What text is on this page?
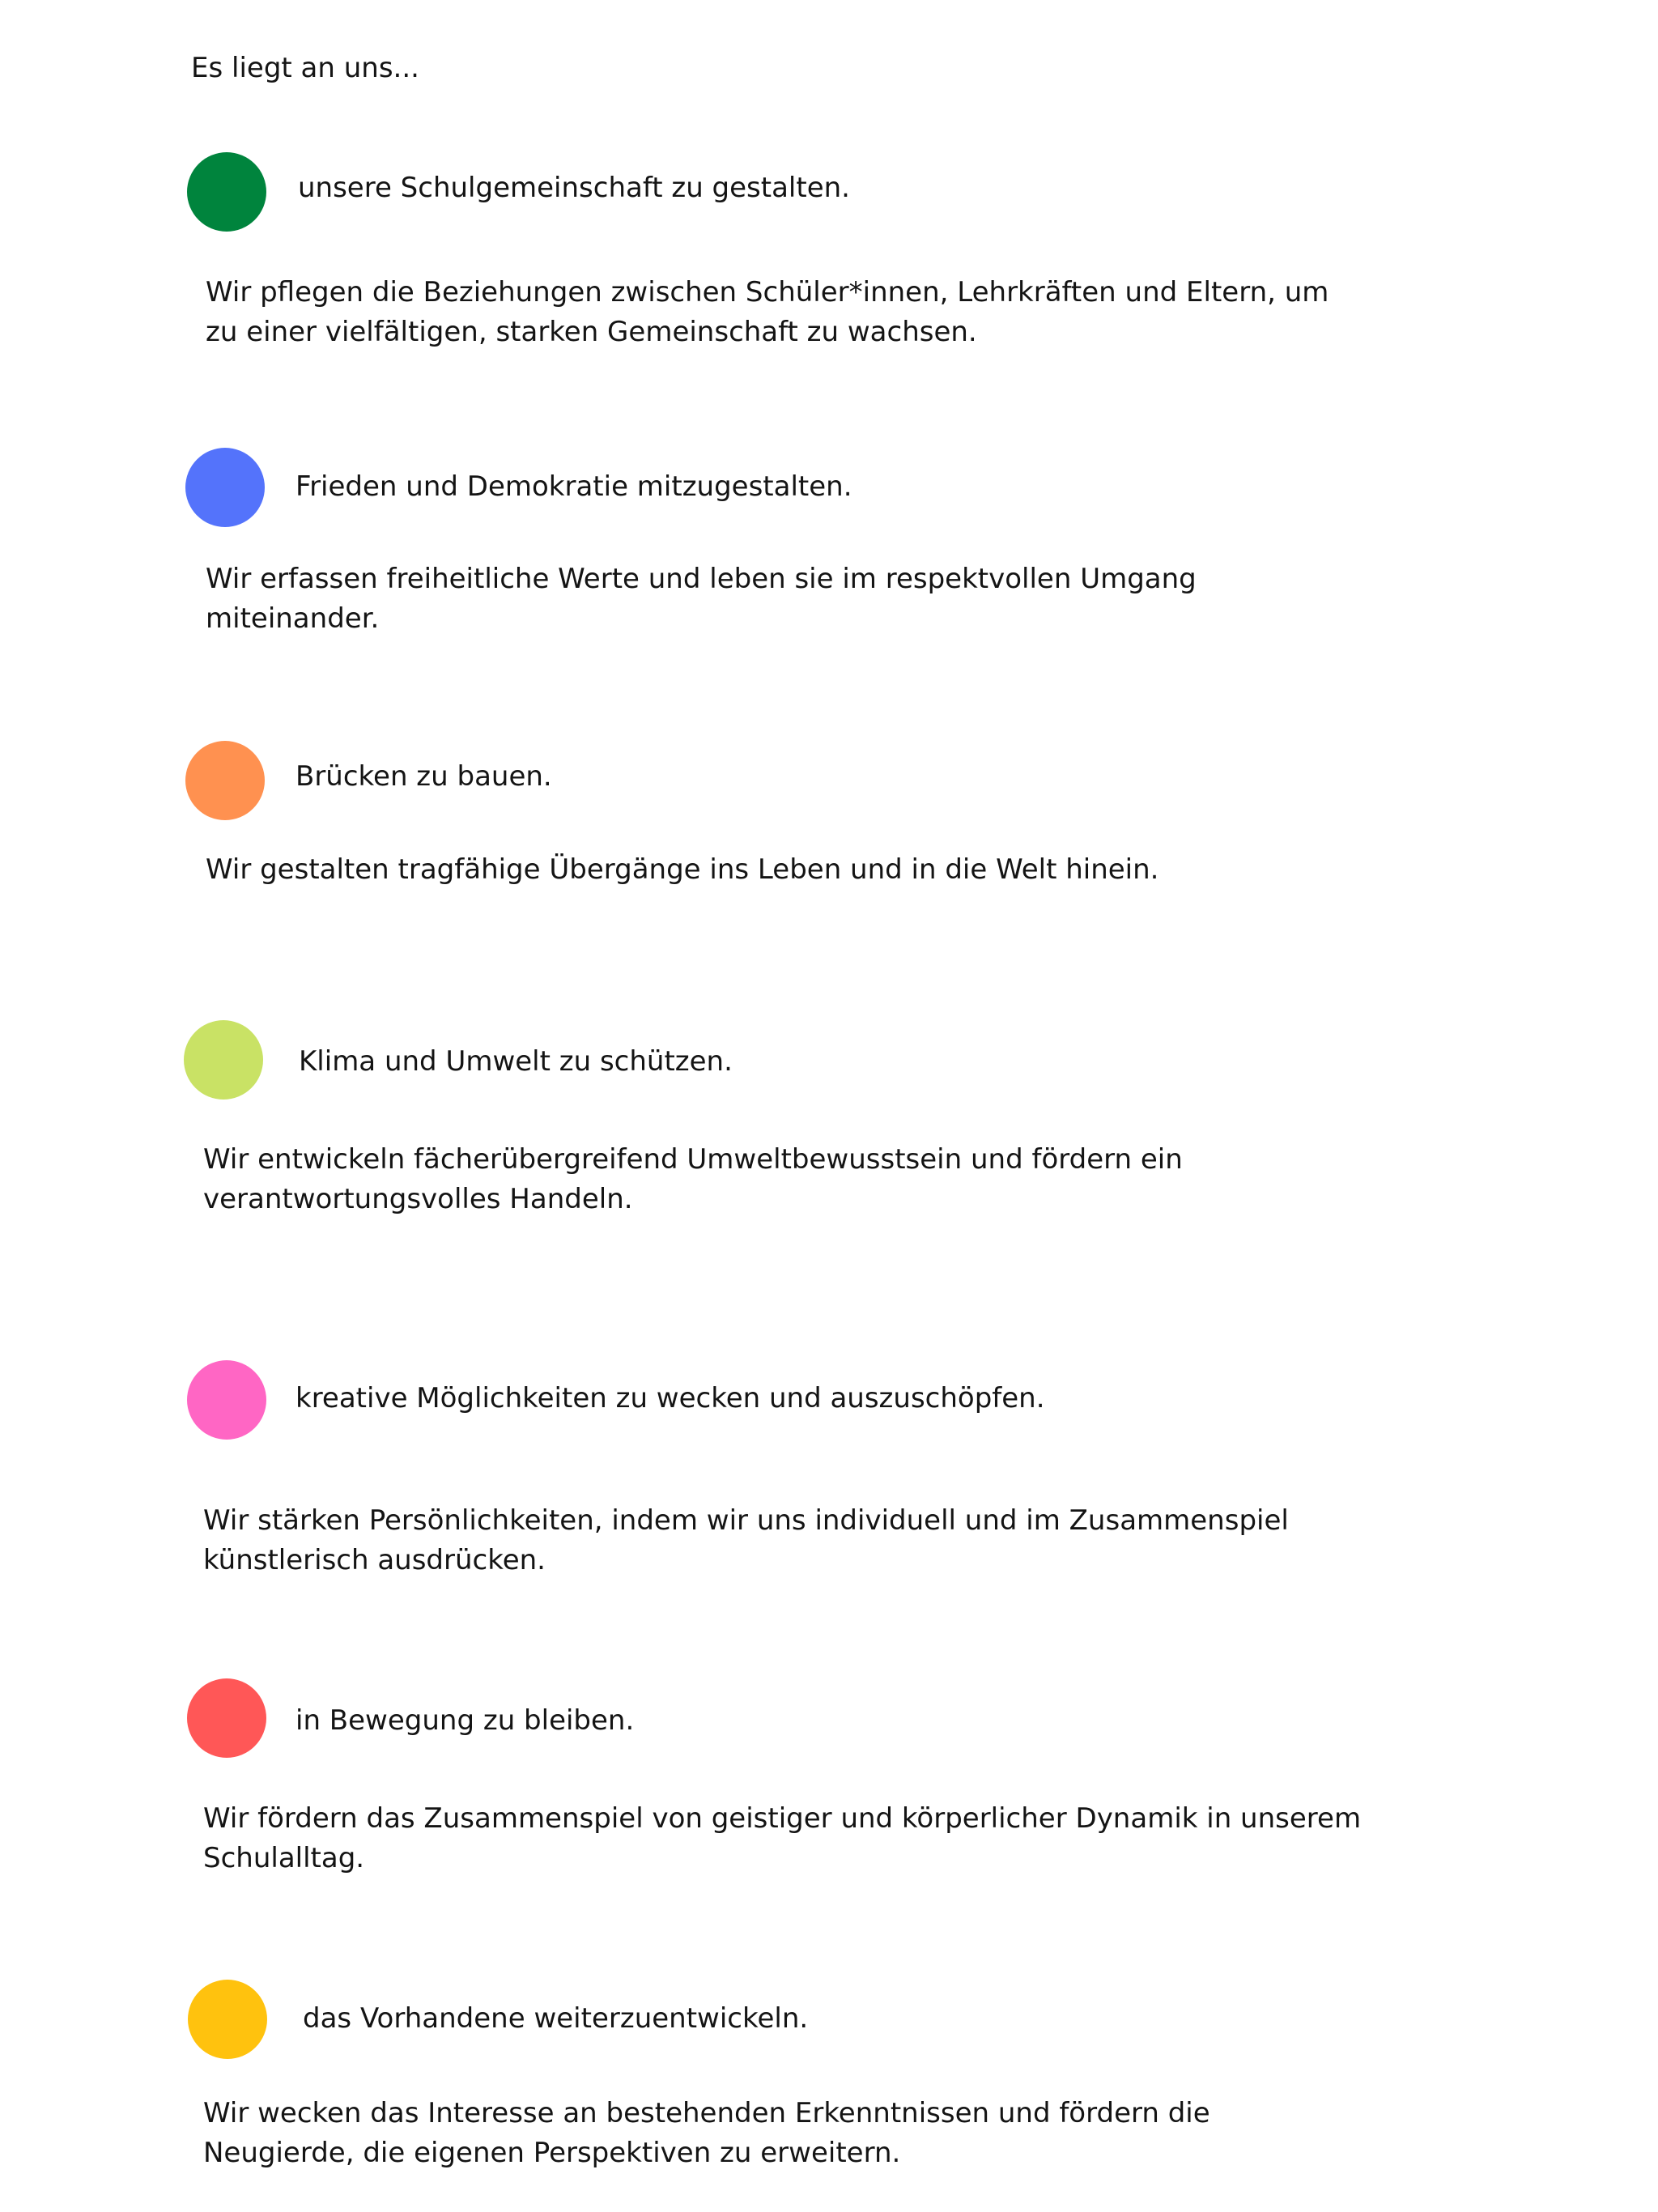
Es liegt an uns...
unsere Schulgemeinschaft zu gestalten.
Wir pflegen die Beziehungen zwischen Schüler*innen, Lehrkräften und Eltern, um
zu einer vielfältigen, starken Gemeinschaft zu wachsen.
Frieden und Demokratie mitzugestalten.
Wir erfassen freiheitliche Werte und leben sie im respektvollen Umgang
miteinander.
Brücken zu bauen.
Wir gestalten tragfähige Übergänge ins Leben und in die Welt hinein.
Klima und Umwelt zu schützen.
Wir entwickeln fächerübergreifend Umweltbewusstsein und fördern ein
verantwortungsvolles Handeln.
kreative Möglichkeiten zu wecken und auszuschöpfen.
Wir stärken Persönlichkeiten, indem wir uns individuell und im Zusammenspiel
künstlerisch ausdrücken.
in Bewegung zu bleiben.
Wir fördern das Zusammenspiel von geistiger und körperlicher Dynamik in unserem
Schulalltag.
das Vorhandene weiterzuentwickeln.
Wir wecken das Interesse an bestehenden Erkenntnissen und fördern die
Neugierde, die eigenen Perspektiven zu erweitern.
